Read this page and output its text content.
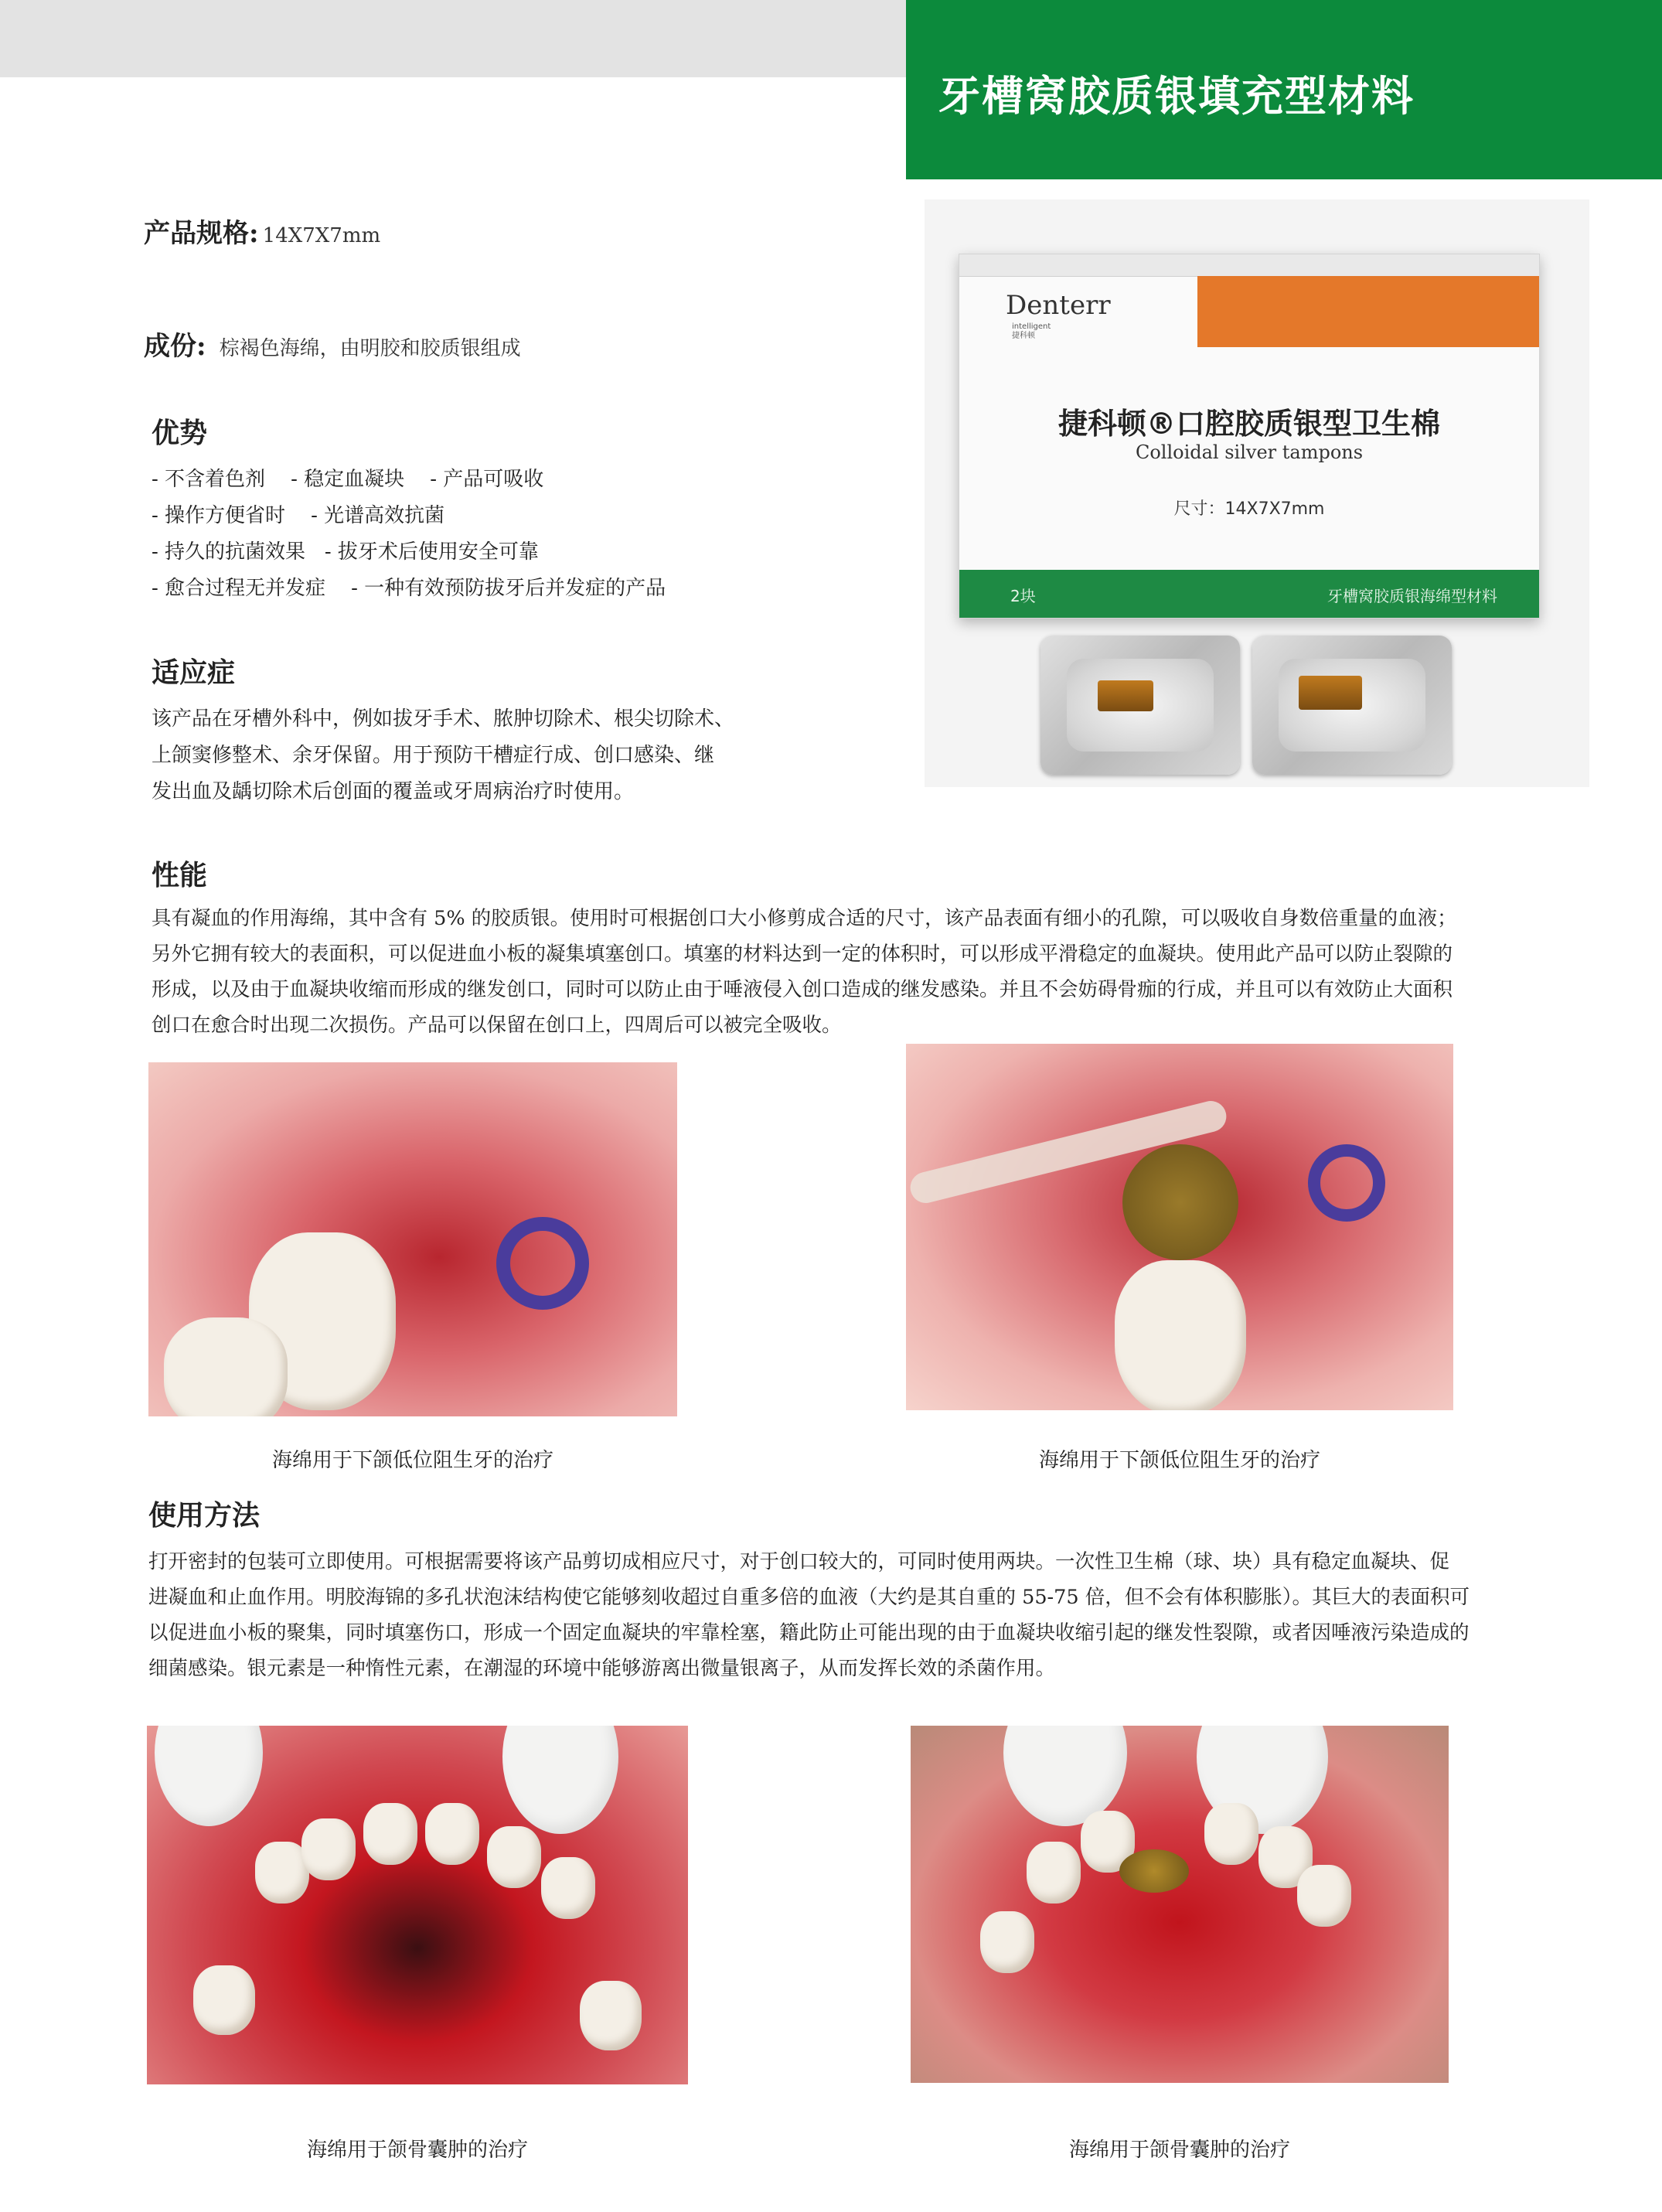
牙槽窝胶质银填充型材料
产品规格: 14X7X7mm
成份: 棕褐色海绵，由明胶和胶质银组成
优势

- 不含着色剂    - 稳定血凝块    - 产品可吸收

- 操作方便省时    - 光谱高效抗菌

- 持久的抗菌效果   - 拔牙术后使用安全可靠

- 愈合过程无并发症    - 一种有效预防拔牙后并发症的产品

适应症

该产品在牙槽外科中，例如拔牙手术、脓肿切除术、根尖切除术、

上颌窦修整术、余牙保留。用于预防干槽症行成、创口感染、继

发出血及龋切除术后创面的覆盖或牙周病治疗时使用。

Denterr
intelligent
捷科顿
捷科顿®口腔胶质银型卫生棉
Colloidal silver tampons
尺寸：14X7X7mm
2块	牙槽窝胶质银海绵型材料
性能

具有凝血的作用海绵，其中含有 5% 的胶质银。使用时可根据创口大小修剪成合适的尺寸，该产品表面有细小的孔隙，可以吸收自身数倍重量的血液；

另外它拥有较大的表面积，可以促进血小板的凝集填塞创口。填塞的材料达到一定的体积时，可以形成平滑稳定的血凝块。使用此产品可以防止裂隙的

形成，以及由于血凝块收缩而形成的继发创口，同时可以防止由于唾液侵入创口造成的继发感染。并且不会妨碍骨痂的行成，并且可以有效防止大面积

创口在愈合时出现二次损伤。产品可以保留在创口上，四周后可以被完全吸收。

海绵用于下颌低位阻生牙的治疗	海绵用于下颌低位阻生牙的治疗
使用方法

打开密封的包装可立即使用。可根据需要将该产品剪切成相应尺寸，对于创口较大的，可同时使用两块。一次性卫生棉（球、块）具有稳定血凝块、促

进凝血和止血作用。明胶海锦的多孔状泡沫结构使它能够刻收超过自重多倍的血液（大约是其自重的 55-75 倍，但不会有体积膨胀）。其巨大的表面积可

以促进血小板的聚集，同时填塞伤口，形成一个固定血凝块的牢靠栓塞，籍此防止可能出现的由于血凝块收缩引起的继发性裂隙，或者因唾液污染造成的

细菌感染。银元素是一种惰性元素，在潮湿的环境中能够游离出微量银离子，从而发挥长效的杀菌作用。

海绵用于颌骨囊肿的治疗	海绵用于颌骨囊肿的治疗
